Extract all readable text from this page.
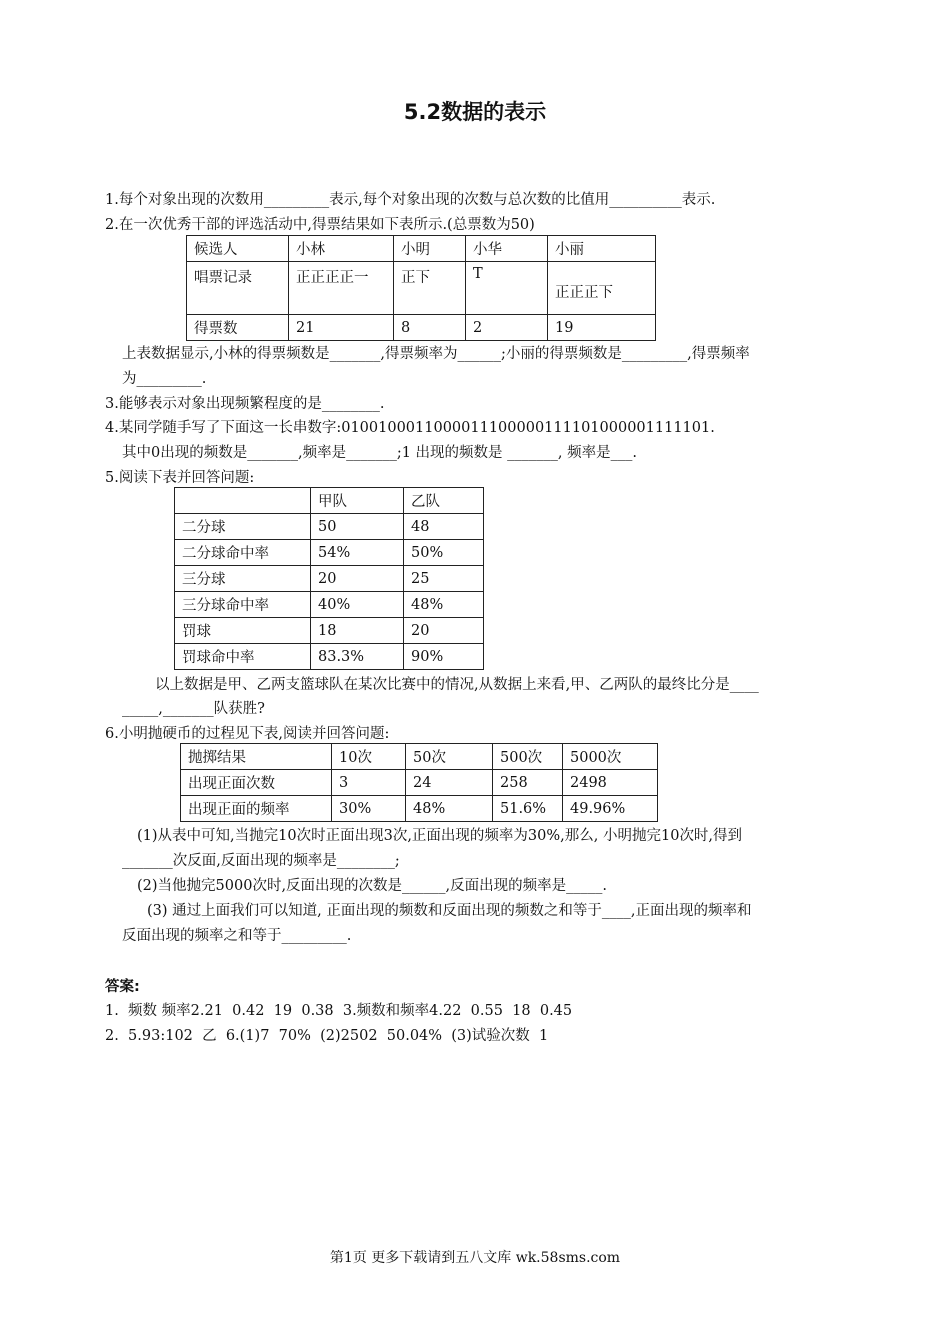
5.2数据的表示
1.每个对象出现的次数用_________表示,每个对象出现的次数与总次数的比值用__________表示.
2.在一次优秀干部的评选活动中,得票结果如下表所示.(总票数为50)
候选人	小林	小明	小华	小丽
唱票记录	正正正正一	正下	T	正正正下
得票数	21	8	2	19
上表数据显示,小林的得票频数是_______,得票频率为______;小丽的得票频数是_________,得票频率
为_________.
3.能够表示对象出现频繁程度的是________.
4.某同学随手写了下面这一长串数字:0100100011000011100000111101000001111101.
其中0出现的频数是_______,频率是_______;1 出现的频数是 _______, 频率是___.
5.阅读下表并回答问题:
	甲队	乙队
二分球	50	48
二分球命中率	54%	50%
三分球	20	25
三分球命中率	40%	48%
罚球	18	20
罚球命中率	83.3%	90%
以上数据是甲、乙两支篮球队在某次比赛中的情况,从数据上来看,甲、乙两队的最终比分是____
_____,_______队获胜?
6.小明抛硬币的过程见下表,阅读并回答问题:
抛掷结果	10次	50次	500次	5000次
出现正面次数	3	24	258	2498
出现正面的频率	30%	48%	51.6%	49.96%
(1)从表中可知,当抛完10次时正面出现3次,正面出现的频率为30%,那么, 小明抛完10次时,得到
_______次反面,反面出现的频率是________;
(2)当他抛完5000次时,反面出现的次数是______,反面出现的频率是_____.
(3) 通过上面我们可以知道, 正面出现的频数和反面出现的频数之和等于____,正面出现的频率和
反面出现的频率之和等于_________.
答案:
1.  频数 频率2.21  0.42  19  0.38  3.频数和频率4.22  0.55  18  0.45
2.  5.93:102  乙  6.(1)7  70%  (2)2502  50.04%  (3)试验次数  1
第1页 更多下载请到五八文库 wk.58sms.com
